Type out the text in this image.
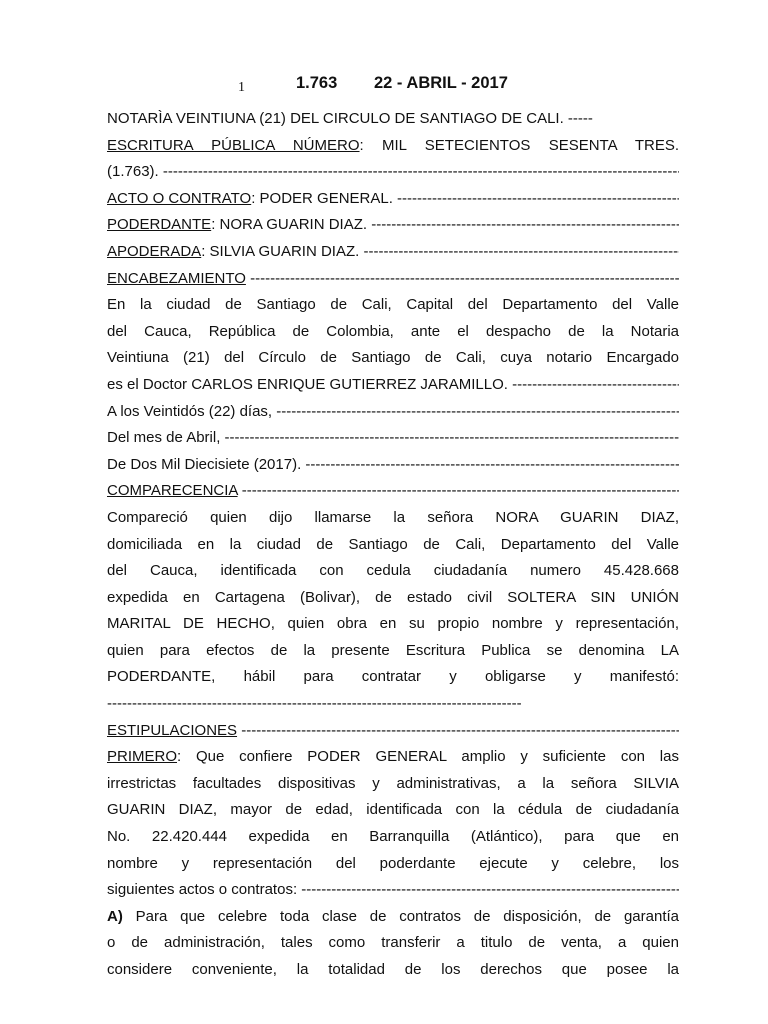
1	1.763 22 - ABRIL - 2017
NOTARÌA VEINTIUNA (21) DEL CIRCULO DE SANTIAGO DE CALI. -----
ESCRITURA PÚBLICA NÚMERO: MIL SETECIENTOS SESENTA TRES.
(1.763). -----
ACTO O CONTRATO: PODER GENERAL. -----
PODERDANTE: NORA GUARIN DIAZ. -----
APODERADA: SILVIA GUARIN DIAZ. -----
ENCABEZAMIENTO -----
En la ciudad de Santiago de Cali, Capital del Departamento del Valle
del Cauca, República de Colombia, ante el despacho de la Notaria
Veintiuna (21) del Círculo de Santiago de Cali, cuya notario Encargado
es el Doctor CARLOS ENRIQUE GUTIERREZ JARAMILLO. -----
A los Veintidós (22) días, -----
Del mes de Abril, -----
De Dos Mil Diecisiete (2017). -----
COMPARECENCIA -----
Compareció quien dijo llamarse la señora NORA GUARIN DIAZ,
domiciliada en la ciudad de Santiago de Cali, Departamento del Valle
del Cauca, identificada con cedula ciudadanía numero 45.428.668
expedida en Cartagena (Bolivar), de estado civil SOLTERA SIN UNIÓN
MARITAL DE HECHO, quien obra en su propio nombre y representación,
quien para efectos de la presente Escritura Publica se denomina LA
PODERDANTE, hábil para contratar y obligarse y manifestó:
-----------------------------------------------------------------------------------
ESTIPULACIONES -----
PRIMERO: Que confiere PODER GENERAL amplio y suficiente con las
irrestrictas facultades dispositivas y administrativas, a la señora SILVIA
GUARIN DIAZ, mayor de edad, identificada con la cédula de ciudadanía
No. 22.420.444 expedida en Barranquilla (Atlántico), para que en
nombre y representación del poderdante ejecute y celebre, los
siguientes actos o contratos: -----
A) Para que celebre toda clase de contratos de disposición, de garantía
o de administración, tales como transferir a titulo de venta, a quien
considere conveniente, la totalidad de los derechos que posee la
